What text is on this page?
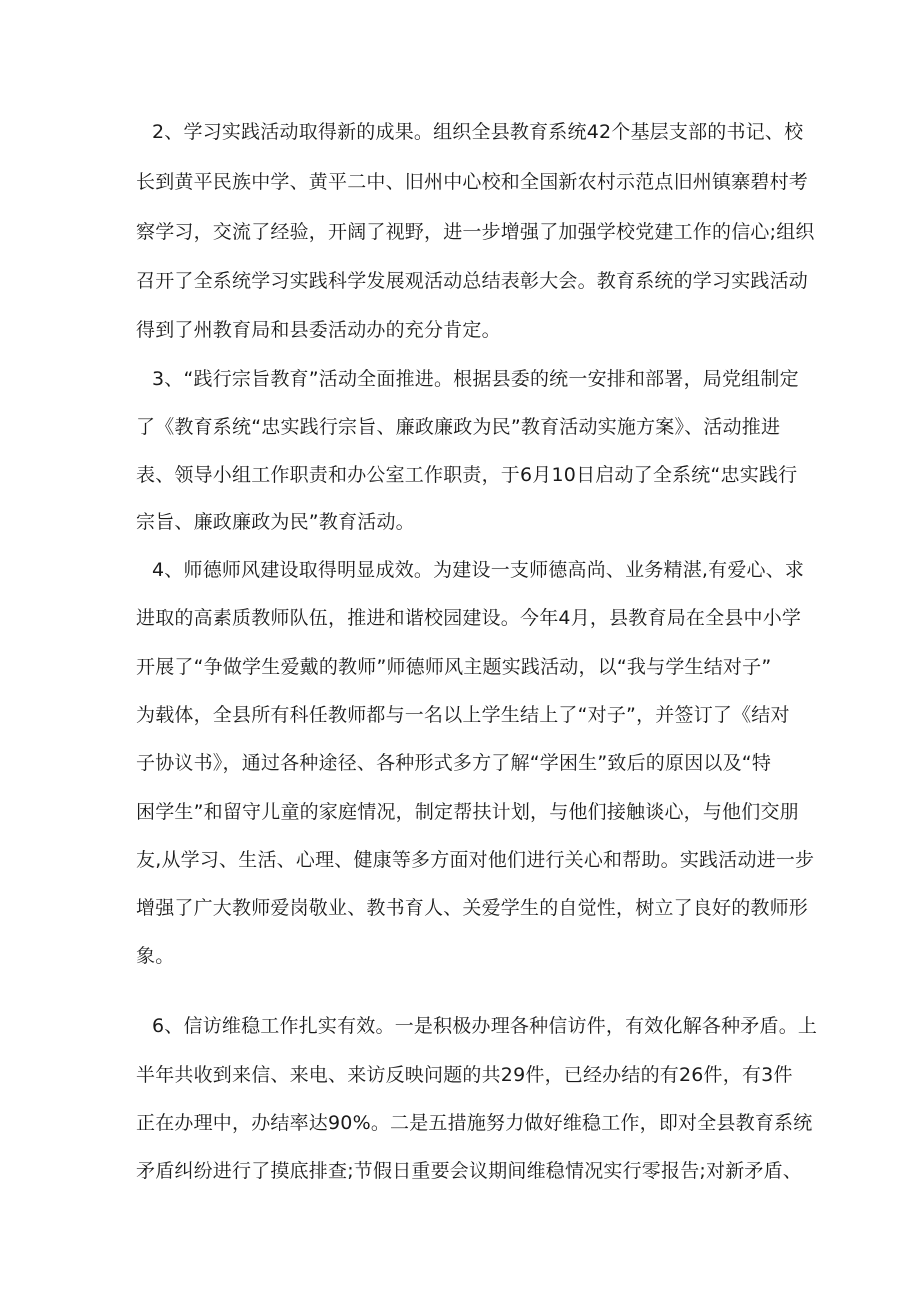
2、学习实践活动取得新的成果。组织全县教育系统42个基层支部的书记、校

长到黄平民族中学、黄平二中、旧州中心校和全国新农村示范点旧州镇寨碧村考

察学习，交流了经验，开阔了视野，进一步增强了加强学校党建工作的信心;组织

召开了全系统学习实践科学发展观活动总结表彰大会。教育系统的学习实践活动

得到了州教育局和县委活动办的充分肯定。

3、“践行宗旨教育”活动全面推进。根据县委的统一安排和部署，局党组制定

了《教育系统“忠实践行宗旨、廉政廉政为民”教育活动实施方案》、活动推进

表、领导小组工作职责和办公室工作职责，于6月10日启动了全系统“忠实践行

宗旨、廉政廉政为民”教育活动。

4、师德师风建设取得明显成效。为建设一支师德高尚、业务精湛,有爱心、求

进取的高素质教师队伍，推进和谐校园建设。今年4月，县教育局在全县中小学

开展了“争做学生爱戴的教师”师德师风主题实践活动，以“我与学生结对子”

为载体，全县所有科任教师都与一名以上学生结上了“对子”，并签订了《结对

子协议书》，通过各种途径、各种形式多方了解“学困生”致后的原因以及“特

困学生”和留守儿童的家庭情况，制定帮扶计划，与他们接触谈心，与他们交朋

友,从学习、生活、心理、健康等多方面对他们进行关心和帮助。实践活动进一步

增强了广大教师爱岗敬业、教书育人、关爱学生的自觉性，树立了良好的教师形

象。

6、信访维稳工作扎实有效。一是积极办理各种信访件，有效化解各种矛盾。上

半年共收到来信、来电、来访反映问题的共29件，已经办结的有26件，有3件

正在办理中，办结率达90%。二是五措施努力做好维稳工作，即对全县教育系统

矛盾纠纷进行了摸底排查;节假日重要会议期间维稳情况实行零报告;对新矛盾、
